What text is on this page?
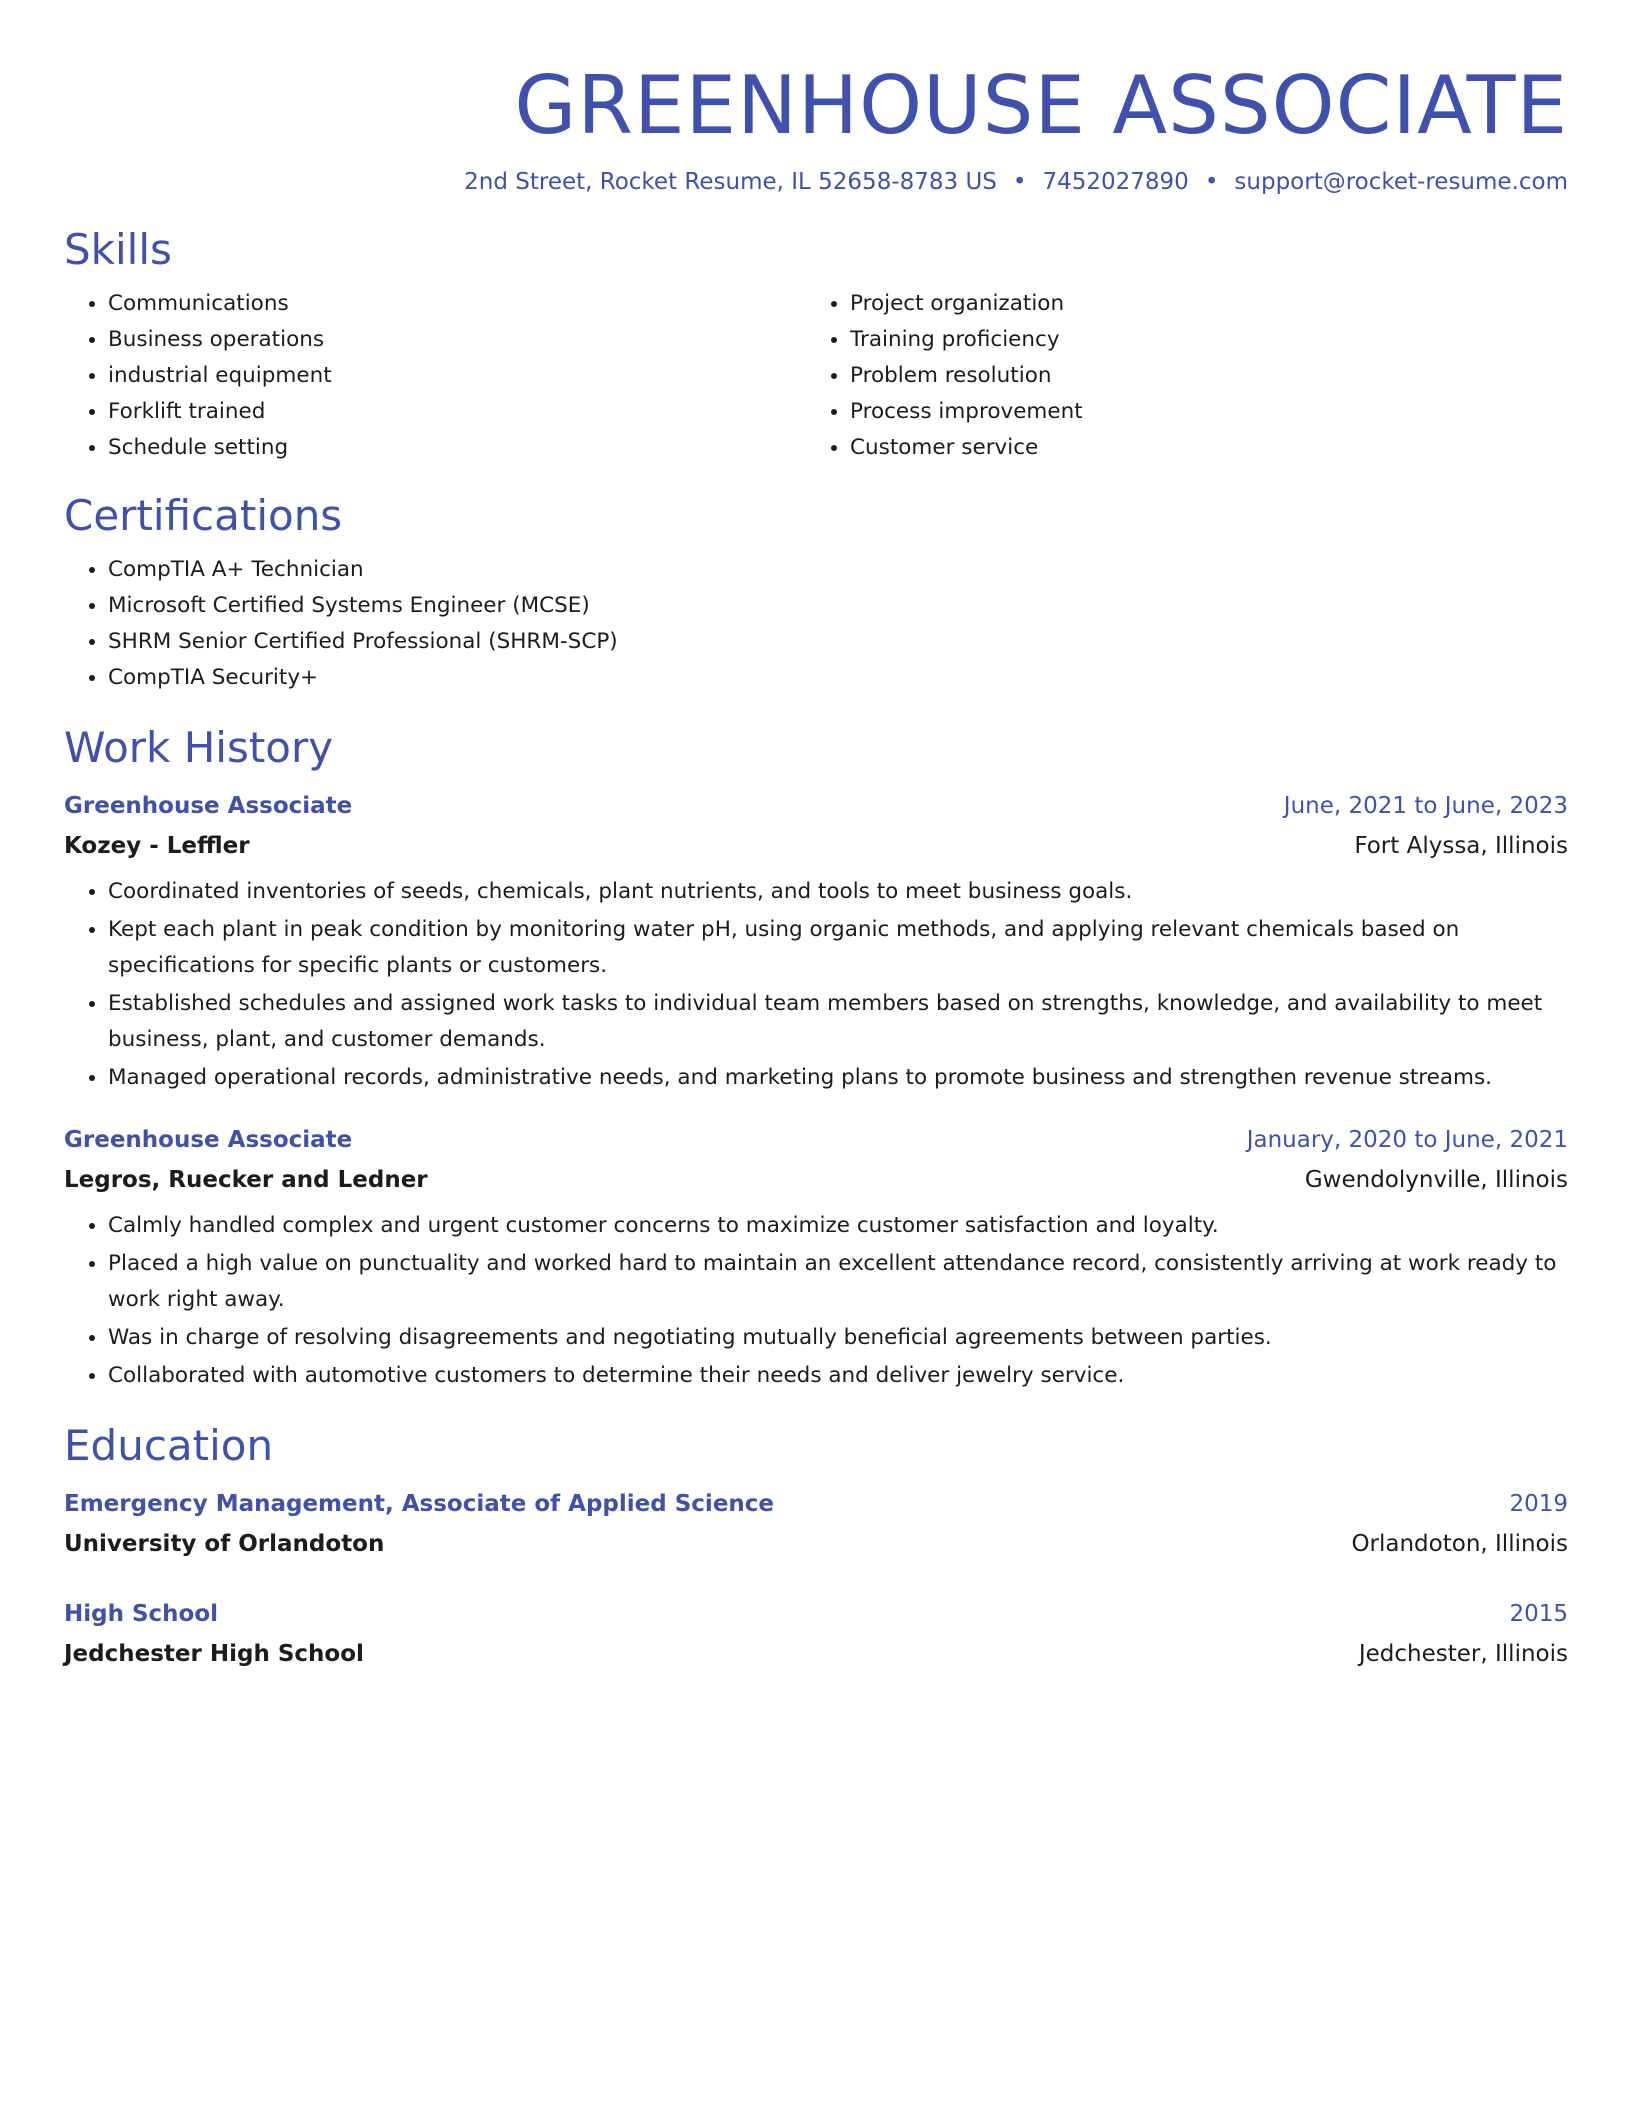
GREENHOUSE ASSOCIATE
2nd Street, Rocket Resume, IL 52658-8783 US • 7452027890 • support@rocket-resume.com
Skills
• Communications
• Business operations
• industrial equipment
• Forklift trained
• Schedule setting
• Project organization
• Training proficiency
• Problem resolution
• Process improvement
• Customer service
Certifications
• CompTIA A+ Technician
• Microsoft Certified Systems Engineer (MCSE)
• SHRM Senior Certified Professional (SHRM-SCP)
• CompTIA Security+
Work History
Greenhouse Associate	June, 2021 to June, 2023
Kozey - Leffler	Fort Alyssa, Illinois
• Coordinated inventories of seeds, chemicals, plant nutrients, and tools to meet business goals.
• Kept each plant in peak condition by monitoring water pH, using organic methods, and applying relevant chemicals based on specifications for specific plants or customers.
• Established schedules and assigned work tasks to individual team members based on strengths, knowledge, and availability to meet business, plant, and customer demands.
• Managed operational records, administrative needs, and marketing plans to promote business and strengthen revenue streams.
Greenhouse Associate	January, 2020 to June, 2021
Legros, Ruecker and Ledner	Gwendolynville, Illinois
• Calmly handled complex and urgent customer concerns to maximize customer satisfaction and loyalty.
• Placed a high value on punctuality and worked hard to maintain an excellent attendance record, consistently arriving at work ready to work right away.
• Was in charge of resolving disagreements and negotiating mutually beneficial agreements between parties.
• Collaborated with automotive customers to determine their needs and deliver jewelry service.
Education
Emergency Management, Associate of Applied Science	2019
University of Orlandoton	Orlandoton, Illinois
High School	2015
Jedchester High School	Jedchester, Illinois
